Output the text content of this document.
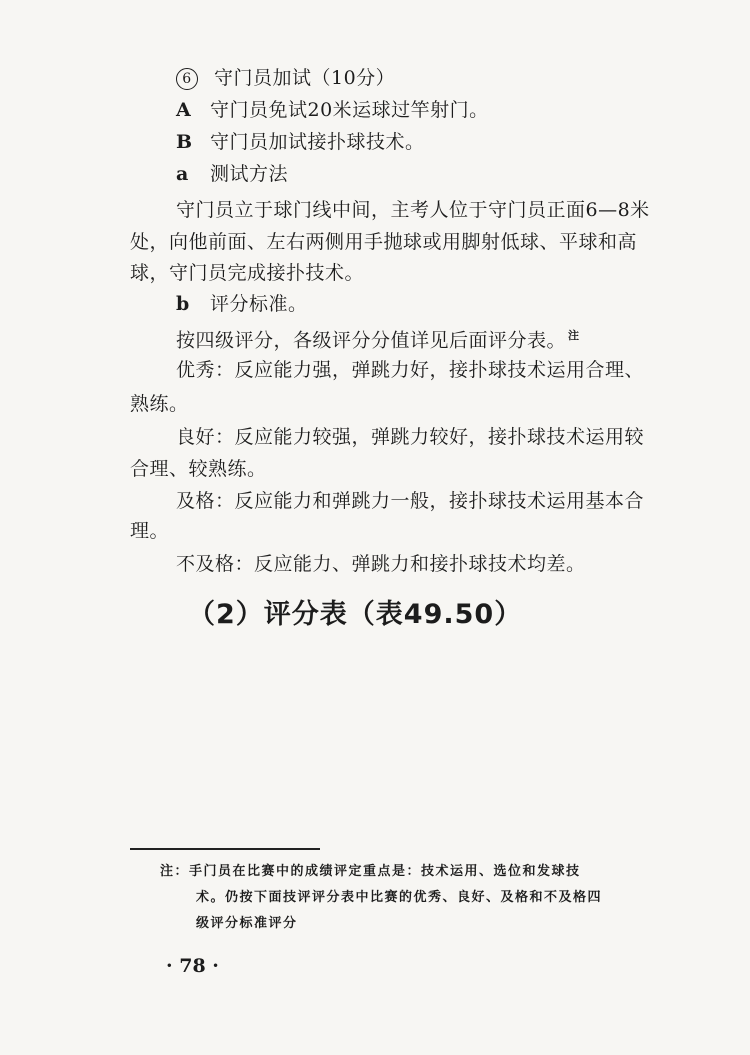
6 守门员加试（10分）
A 守门员免试20米运球过竿射门。
B 守门员加试接扑球技术。
a 测试方法
守门员立于球门线中间，主考人位于守门员正面6—8米
处，向他前面、左右两侧用手抛球或用脚射低球、平球和高
球，守门员完成接扑技术。
b 评分标准。
按四级评分，各级评分分值详见后面评分表。 $^注$
优秀：反应能力强，弹跳力好，接扑球技术运用合理、
熟练。
良好：反应能力较强，弹跳力较好，接扑球技术运用较
合理、较熟练。
及格：反应能力和弹跳力一般，接扑球技术运用基本合
理。
不及格：反应能力、弹跳力和接扑球技术均差。
（2）评分表（表49.50）
注：手门员在比赛中的成绩评定重点是：技术运用、选位和发球技
术。仍按下面技评评分表中比赛的优秀、良好、及格和不及格四
级评分标准评分
· 78 ·
